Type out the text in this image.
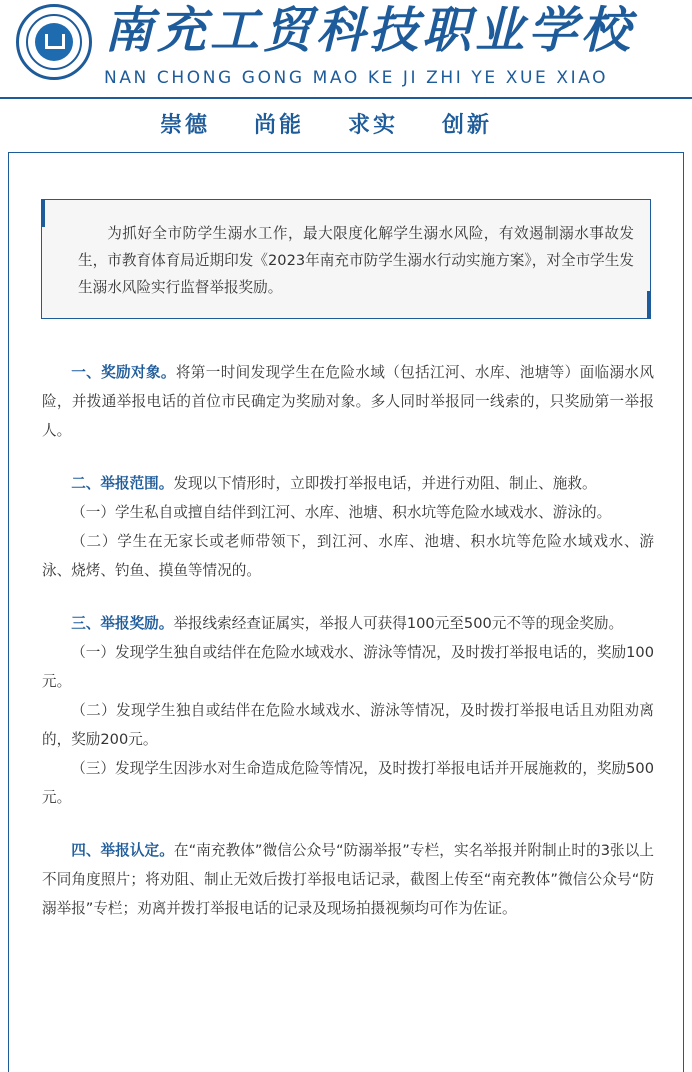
南充工贸科技职业学校
NAN CHONG GONG MAO KE JI ZHI YE XUE XIAO
崇德 尚能 求实 创新

为抓好全市防学生溺水工作，最大限度化解学生溺水风险，有效遏制溺水事故发生，市教育体育局近期印发《2023年南充市防学生溺水行动实施方案》，对全市学生发生溺水风险实行监督举报奖励。

一、奖励对象。将第一时间发现学生在危险水域（包括江河、水库、池塘等）面临溺水风险，并拨通举报电话的首位市民确定为奖励对象。多人同时举报同一线索的，只奖励第一举报人。

二、举报范围。发现以下情形时，立即拨打举报电话，并进行劝阻、制止、施救。

（一）学生私自或擅自结伴到江河、水库、池塘、积水坑等危险水域戏水、游泳的。

（二）学生在无家长或老师带领下，到江河、水库、池塘、积水坑等危险水域戏水、游泳、烧烤、钓鱼、摸鱼等情况的。

三、举报奖励。举报线索经查证属实，举报人可获得100元至500元不等的现金奖励。

（一）发现学生独自或结伴在危险水域戏水、游泳等情况，及时拨打举报电话的，奖励100元。

（二）发现学生独自或结伴在危险水域戏水、游泳等情况，及时拨打举报电话且劝阻劝离的，奖励200元。

（三）发现学生因涉水对生命造成危险等情况，及时拨打举报电话并开展施救的，奖励500元。

四、举报认定。在“南充教体”微信公众号“防溺举报”专栏，实名举报并附制止时的3张以上不同角度照片；将劝阻、制止无效后拨打举报电话记录，截图上传至“南充教体”微信公众号“防溺举报”专栏；劝离并拨打举报电话的记录及现场拍摄视频均可作为佐证。
